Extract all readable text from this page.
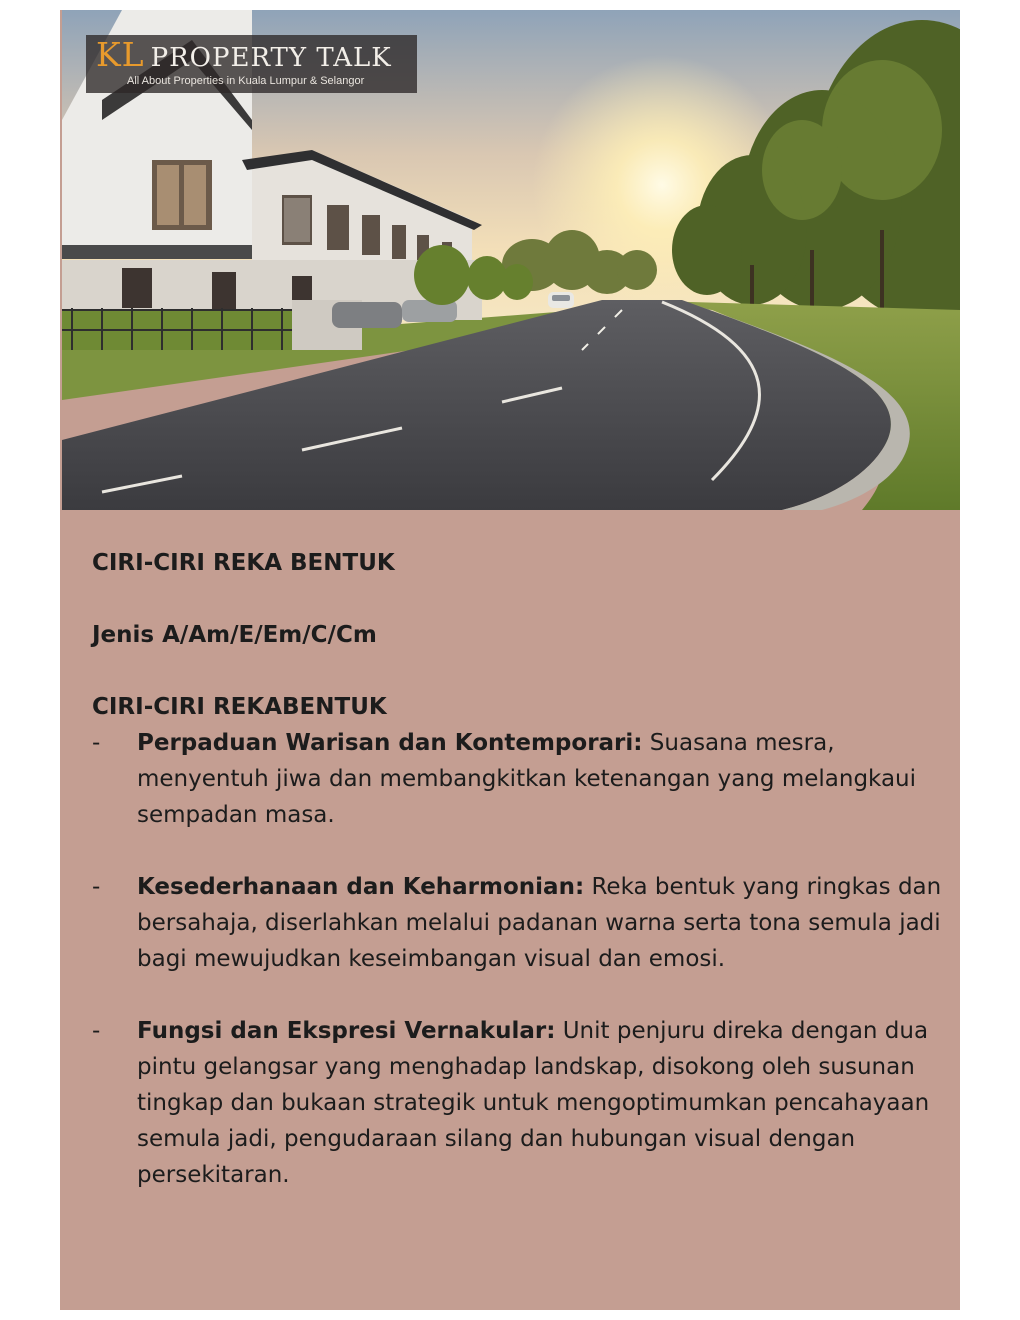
KL PROPERTY TALK
All About Properties in Kuala Lumpur & Selangor

CIRI-CIRI REKA BENTUK

Jenis A/Am/E/Em/C/Cm

CIRI-CIRI REKABENTUK

- Perpaduan Warisan dan Kontemporari: Suasana mesra, menyentuh jiwa dan membangkitkan ketenangan yang melangkaui sempadan masa.
- Kesederhanaan dan Keharmonian: Reka bentuk yang ringkas dan bersahaja, diserlahkan melalui padanan warna serta tona semula jadi bagi mewujudkan keseimbangan visual dan emosi.
- Fungsi dan Ekspresi Vernakular: Unit penjuru direka dengan dua pintu gelangsar yang menghadap landskap, disokong oleh susunan tingkap dan bukaan strategik untuk mengoptimumkan pencahayaan semula jadi, pengudaraan silang dan hubungan visual dengan persekitaran.
